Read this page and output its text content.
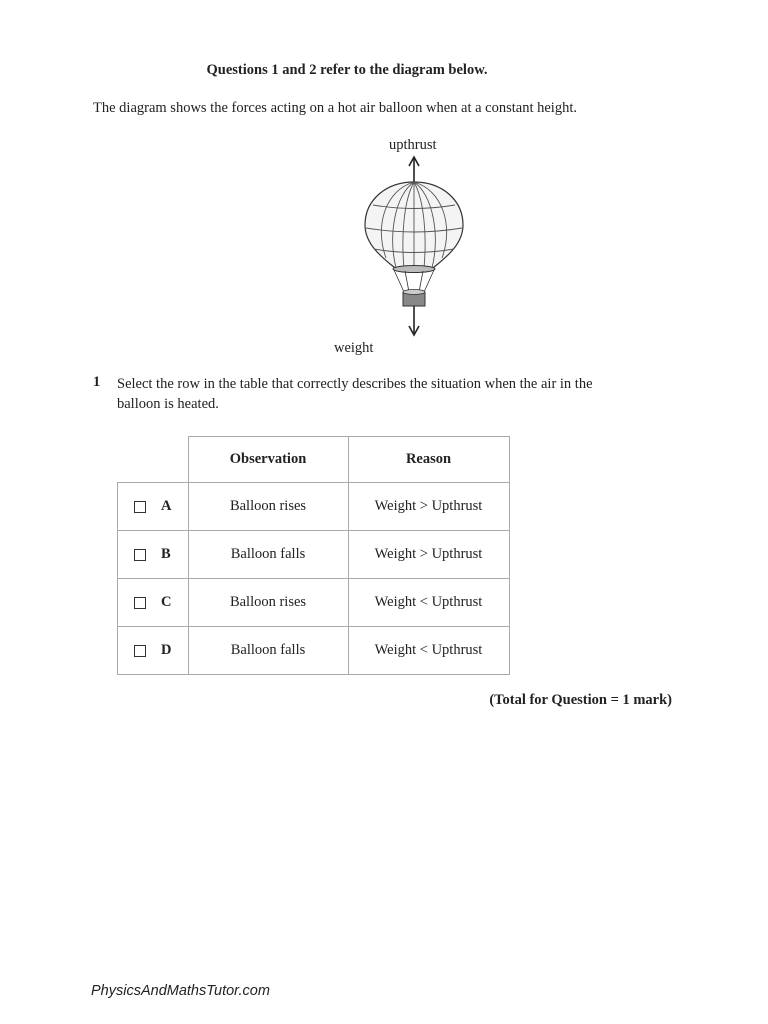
Questions 1 and 2 refer to the diagram below.
The diagram shows the forces acting on a hot air balloon when at a constant height.
upthrust
weight
1 Select the row in the table that correctly describes the situation when the air in the balloon is heated.
	Observation	Reason

A	Balloon rises	Weight > Upthrust

B	Balloon falls	Weight > Upthrust

C	Balloon rises	Weight < Upthrust

D	Balloon falls	Weight < Upthrust
(Total for Question = 1 mark)
PhysicsAndMathsTutor.com
